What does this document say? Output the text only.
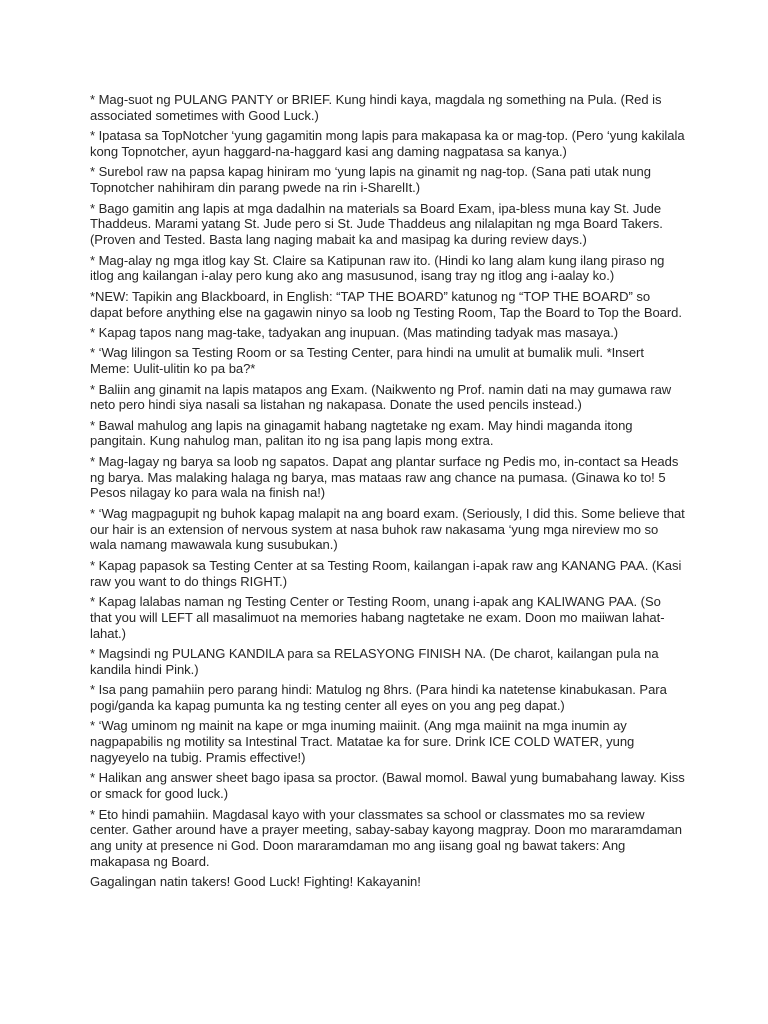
* Mag-suot ng PULANG PANTY or BRIEF. Kung hindi kaya, magdala ng something na Pula. (Red is associated sometimes with Good Luck.)

* Ipatasa sa TopNotcher ‘yung gagamitin mong lapis para makapasa ka or mag-top. (Pero ‘yung kakilala kong Topnotcher, ayun haggard-na-haggard kasi ang daming nagpatasa sa kanya.)

* Surebol raw na papsa kapag hiniram mo ‘yung lapis na ginamit ng nag-top. (Sana pati utak nung Topnotcher nahihiram din parang pwede na rin i-SharelIt.)

* Bago gamitin ang lapis at mga dadalhin na materials sa Board Exam, ipa-bless muna kay St. Jude Thaddeus. Marami yatang St. Jude pero si St. Jude Thaddeus ang nilalapitan ng mga Board Takers. (Proven and Tested. Basta lang naging mabait ka and masipag ka during review days.)

* Mag-alay ng mga itlog kay St. Claire sa Katipunan raw ito. (Hindi ko lang alam kung ilang piraso ng itlog ang kailangan i-alay pero kung ako ang masusunod, isang tray ng itlog ang i-aalay ko.)

*NEW: Tapikin ang Blackboard, in English: “TAP THE BOARD” katunog ng “TOP THE BOARD” so dapat before anything else na gagawin ninyo sa loob ng Testing Room, Tap the Board to Top the Board.

* Kapag tapos nang mag-take, tadyakan ang inupuan. (Mas matinding tadyak mas masaya.)

* ‘Wag lilingon sa Testing Room or sa Testing Center, para hindi na umulit at bumalik muli. *Insert Meme: Uulit-ulitin ko pa ba?*

* Baliin ang ginamit na lapis matapos ang Exam. (Naikwento ng Prof. namin dati na may gumawa raw neto pero hindi siya nasali sa listahan ng nakapasa. Donate the used pencils instead.)

* Bawal mahulog ang lapis na ginagamit habang nagtetake ng exam. May hindi maganda itong pangitain. Kung nahulog man, palitan ito ng isa pang lapis mong extra.

* Mag-lagay ng barya sa loob ng sapatos. Dapat ang plantar surface ng Pedis mo, in-contact sa Heads ng barya. Mas malaking halaga ng barya, mas mataas raw ang chance na pumasa. (Ginawa ko to! 5 Pesos nilagay ko para wala na finish na!)

* ‘Wag magpagupit ng buhok kapag malapit na ang board exam. (Seriously, I did this. Some believe that our hair is an extension of nervous system at nasa buhok raw nakasama ‘yung mga nireview mo so wala namang mawawala kung susubukan.)

* Kapag papasok sa Testing Center at sa Testing Room, kailangan i-apak raw ang KANANG PAA. (Kasi raw you want to do things RIGHT.)

* Kapag lalabas naman ng Testing Center or Testing Room, unang i-apak ang KALIWANG PAA. (So that you will LEFT all masalimuot na memories habang nagtetake ne exam. Doon mo maiiwan lahat-lahat.)

* Magsindi ng PULANG KANDILA para sa RELASYONG FINISH NA. (De charot, kailangan pula na kandila hindi Pink.)

* Isa pang pamahiin pero parang hindi: Matulog ng 8hrs. (Para hindi ka natetense kinabukasan. Para pogi/ganda ka kapag pumunta ka ng testing center all eyes on you ang peg dapat.)

* ‘Wag uminom ng mainit na kape or mga inuming maiinit. (Ang mga maiinit na mga inumin ay nagpapabilis ng motility sa Intestinal Tract. Matatae ka for sure. Drink ICE COLD WATER, yung nagyeyelo na tubig. Pramis effective!)

* Halikan ang answer sheet bago ipasa sa proctor. (Bawal momol. Bawal yung bumabahang laway. Kiss or smack for good luck.)

* Eto hindi pamahiin. Magdasal kayo with your classmates sa school or classmates mo sa review center. Gather around have a prayer meeting, sabay-sabay kayong magpray. Doon mo mararamdaman ang unity at presence ni God. Doon mararamdaman mo ang iisang goal ng bawat takers: Ang makapasa ng Board.

Gagalingan natin takers! Good Luck! Fighting! Kakayanin!
